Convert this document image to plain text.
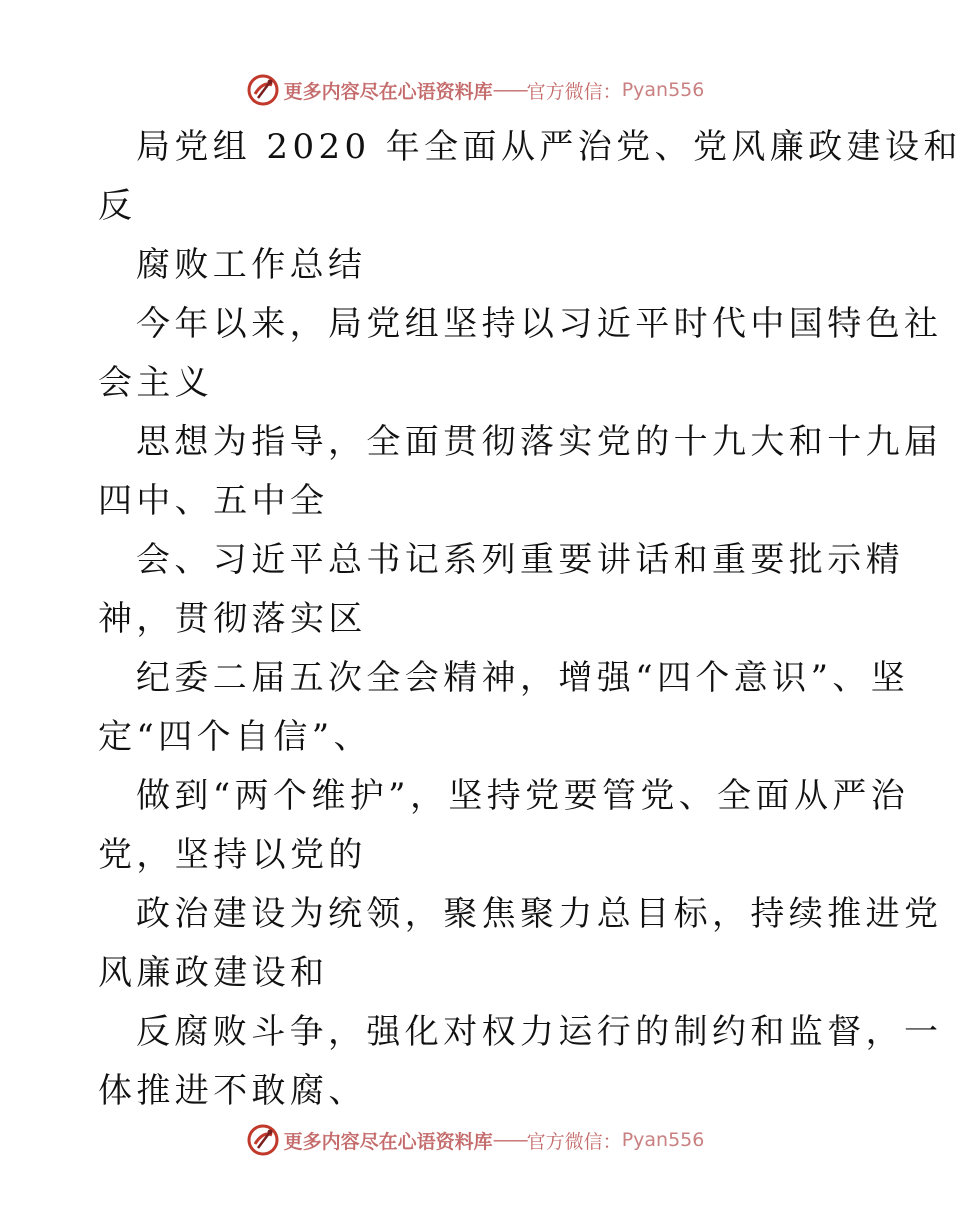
更多内容尽在心语资料库 —— 官方微信： Pyan556
局党组 2020 年全面从严治党、党风廉政建设和
反
腐败工作总结
今年以来，局党组坚持以习近平时代中国特色社
会主义
思想为指导，全面贯彻落实党的十九大和十九届
四中、五中全
会、习近平总书记系列重要讲话和重要批示精
神，贯彻落实区
纪委二届五次全会精神，增强“四个意识”、坚
定“四个自信”、
做到“两个维护”，坚持党要管党、全面从严治
党，坚持以党的
政治建设为统领，聚焦聚力总目标，持续推进党
风廉政建设和
反腐败斗争，强化对权力运行的制约和监督，一
体推进不敢腐、
更多内容尽在心语资料库 —— 官方微信： Pyan556
